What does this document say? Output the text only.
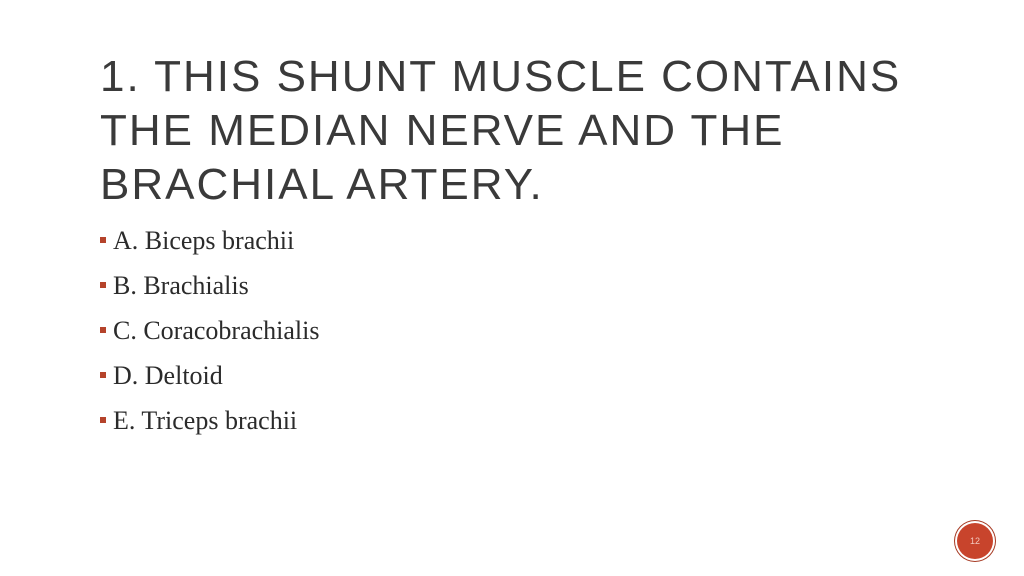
1. THIS SHUNT MUSCLE CONTAINS THE MEDIAN NERVE AND THE BRACHIAL ARTERY.
A. Biceps brachii
B. Brachialis
C. Coracobrachialis
D. Deltoid
E. Triceps brachii
12
